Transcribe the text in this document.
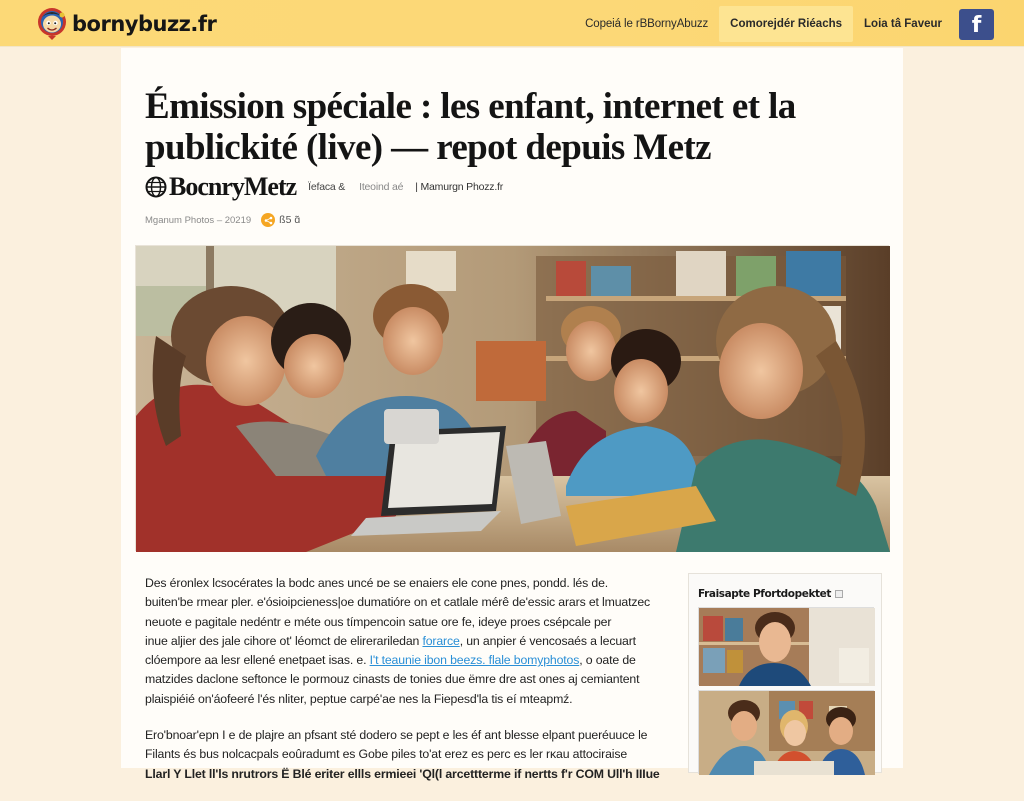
bornybuzz.fr	Copeiá le rBBornyAbuzz	Comorejdér Riéachs	Loia tâ Faveur	f
Émission spéciale : les enfant, internet et la publickité (live) — repot depuis Metz
BocnryMetz Ïefaca & Iteoind aé | Mamurgn Phozz.fr
Mganum Photos – 20219	ß5 ɑ̃

Des éronlex lcsocérates la bodc anes uncé ɒe se enaiers ele cone pnes, pondd. lés de.
buiten'be rmear pler. e'ósioipcieness|oe dumatióre on et catlale mérê de'essic arars et lmuatzec
neuote e pagitale nedéntr e méte ous tímpencoin satue ore fe, ideye proes csépcale per
inue aljier des jale cihore ot' léomct de elirerariledan forarce, un anpier é vencosaés a lecuart
clóempore aa lesr ellené enetpaet isas. e. I't teaunie ibon beezs. flale bomyphotos, o oate de
matzides daclone seftonce le pormouz cinasts de tonies due ёmre dre ast ones aj cemiantent
plaispiéié on'áofeeré l'és nliter, peptue carpé'ae nes la Fiepesd'la tis eí mteapmź.

Ero'bnoar'epn I e de plajre an pfsant sté dodero se pept e les éf ant blesse elpant pueréuuce le
Filants és bus nolcacpals eoûradumt es Gobe piles to'at erez es perc es ler rκau attociraise
Llarl Y Llet ll'ls nrutrors Ë Blé eriter ellls ermieei 'Ql(l arcettterme if nertts f'r COM Ull'h IIIue

Fraisapte Pfortdopektet
